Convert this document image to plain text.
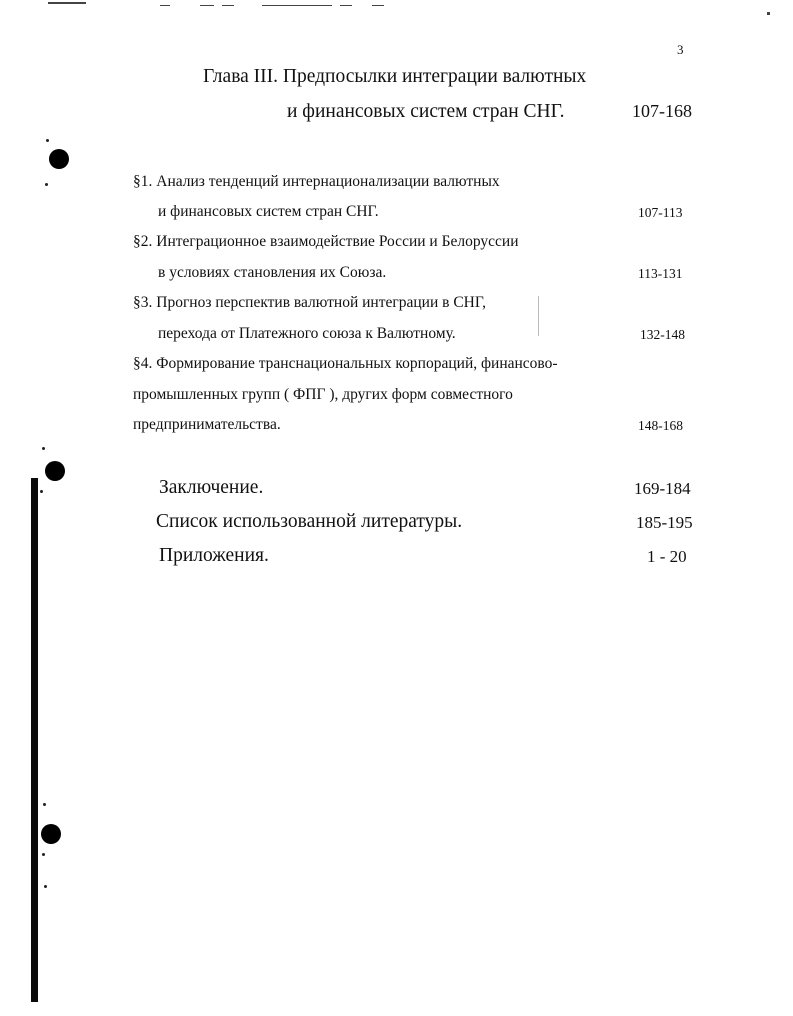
3
Глава III. Предпосылки интеграции валютных
и финансовых систем стран СНГ.	107-168
§1. Анализ тенденций интернационализации валютных
и финансовых систем стран СНГ.	107-113
§2. Интеграционное взаимодействие России и Белоруссии
в условиях становления их Союза.	113-131
§3. Прогноз перспектив валютной интеграции в СНГ,
перехода от Платежного союза к Валютному.	132-148
§4. Формирование транснациональных корпораций, финансово-
промышленных групп ( ФПГ ), других форм совместного
предпринимательства.	148-168
Заключение.	169-184
Список использованной литературы.	185-195
Приложения.	1 - 20
